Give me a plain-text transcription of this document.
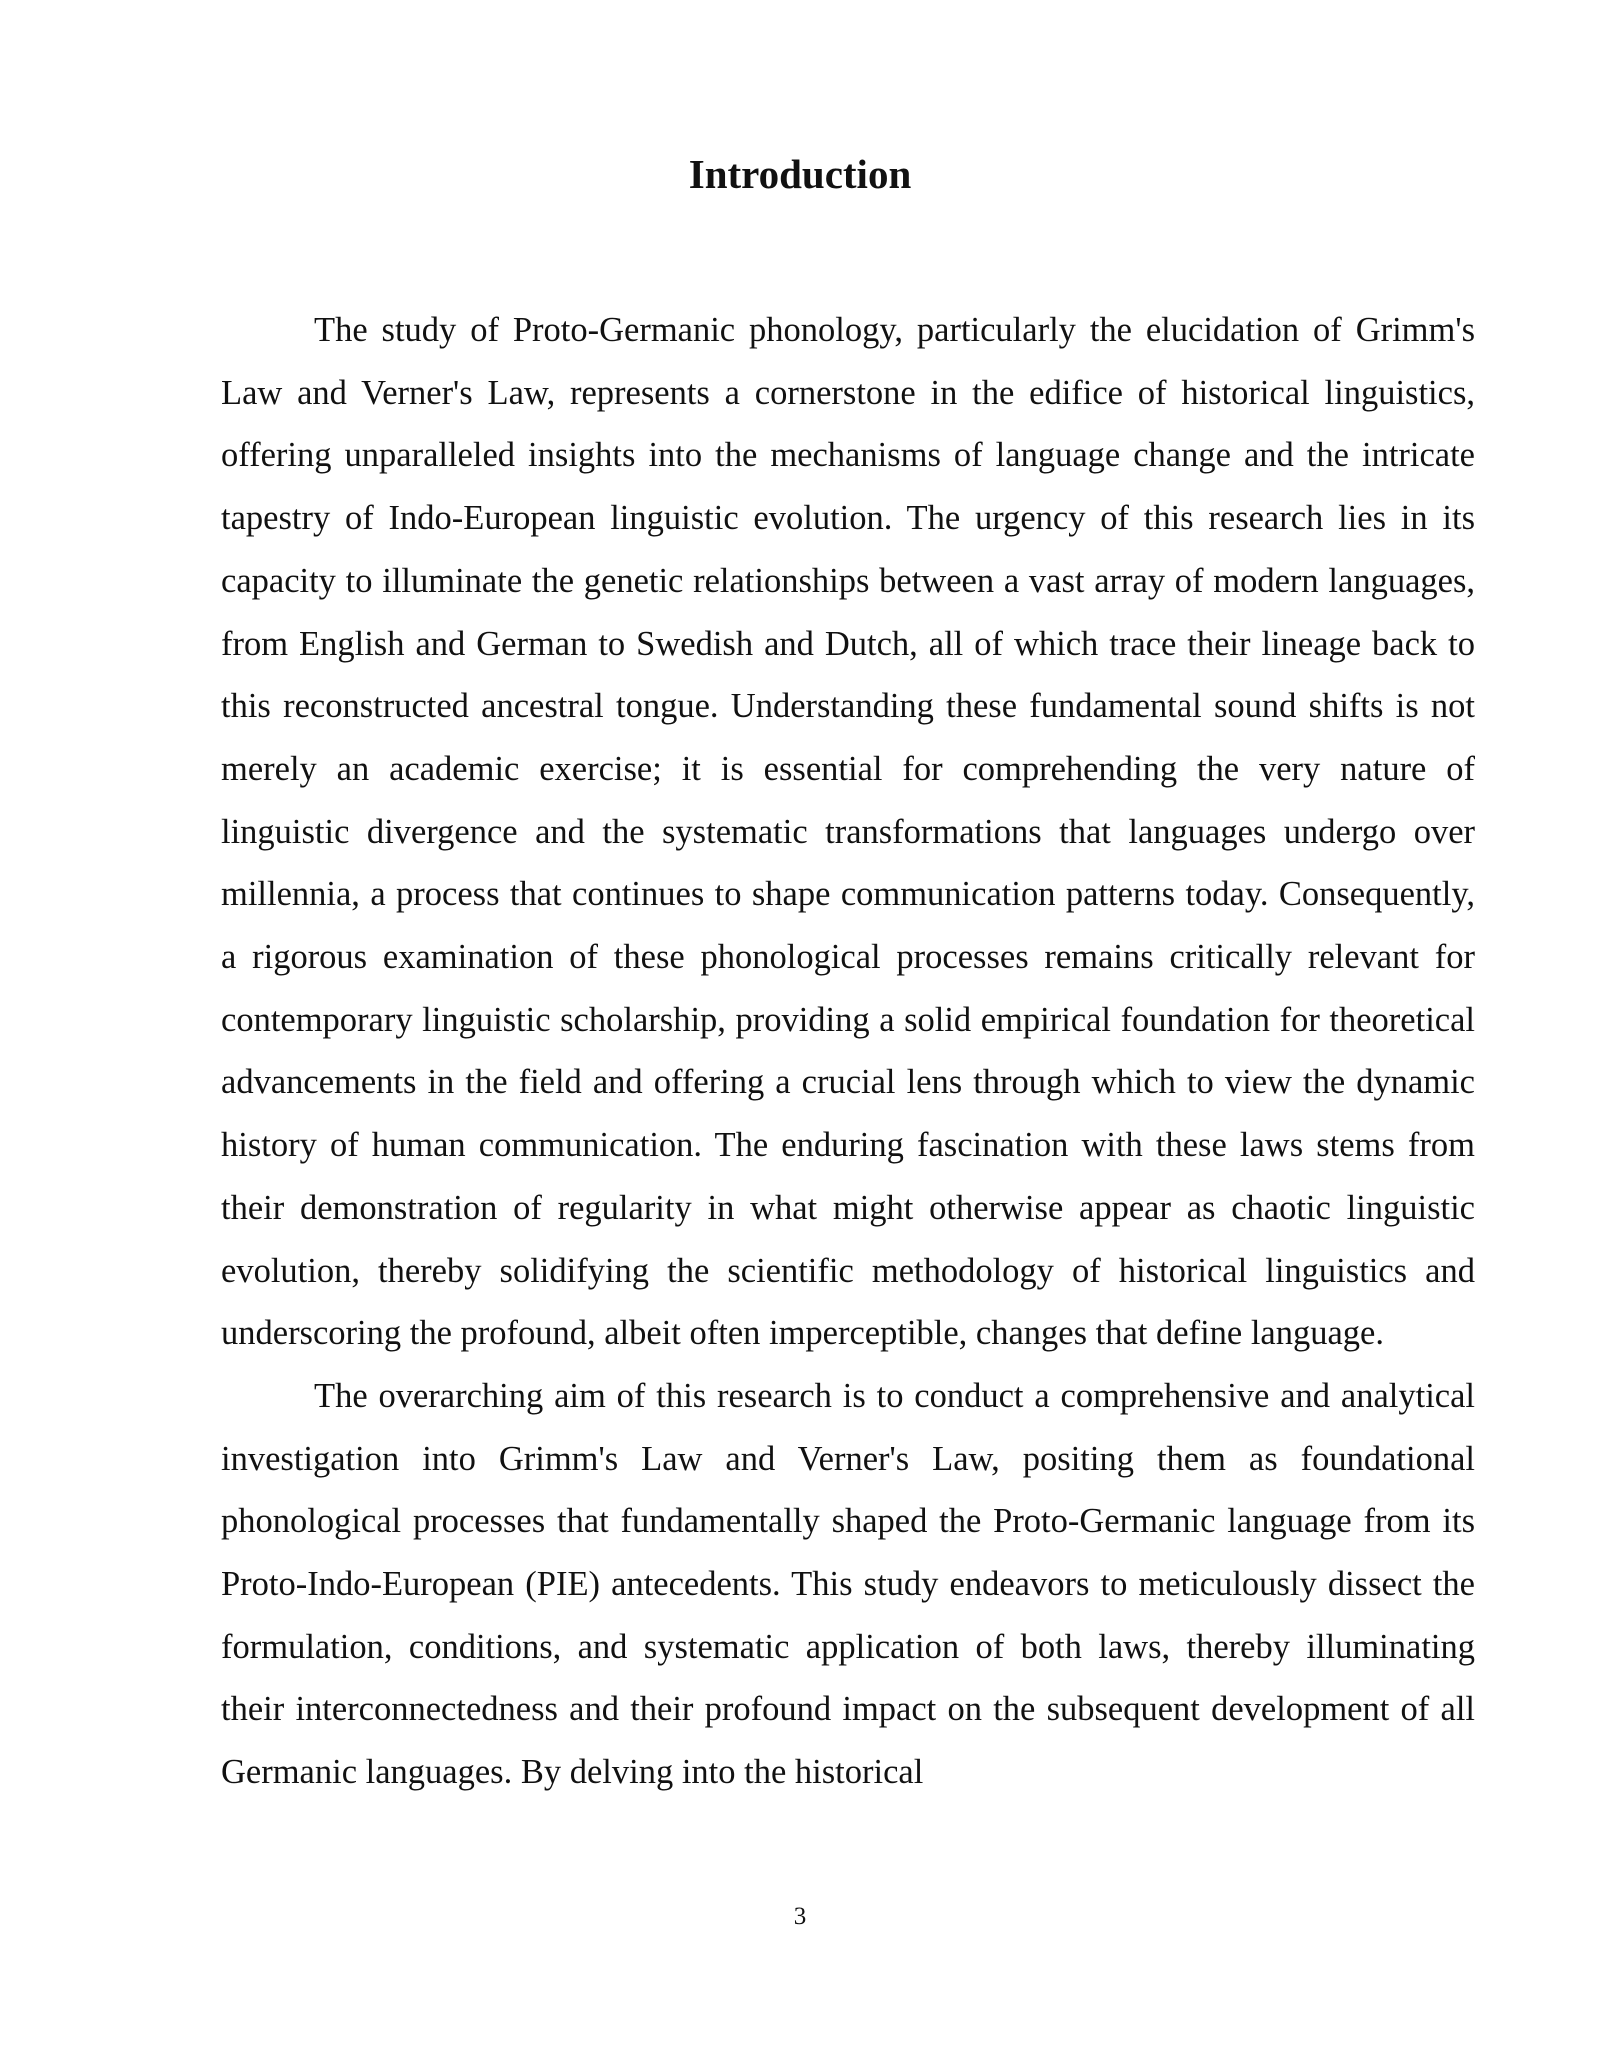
Introduction

The study of Proto-Germanic phonology, particularly the elucidation of Grimm's Law and Verner's Law, represents a cornerstone in the edifice of historical linguistics, offering unparalleled insights into the mechanisms of language change and the intricate tapestry of Indo-European linguistic evolution. The urgency of this research lies in its capacity to illuminate the genetic relationships between a vast array of modern languages, from English and German to Swedish and Dutch, all of which trace their lineage back to this reconstructed ancestral tongue. Understanding these fundamental sound shifts is not merely an academic exercise; it is essential for comprehending the very nature of linguistic divergence and the systematic transformations that languages undergo over millennia, a process that continues to shape communication patterns today. Consequently, a rigorous examination of these phonological processes remains critically relevant for contemporary linguistic scholarship, providing a solid empirical foundation for theoretical advancements in the field and offering a crucial lens through which to view the dynamic history of human communication. The enduring fascination with these laws stems from their demonstration of regularity in what might otherwise appear as chaotic linguistic evolution, thereby solidifying the scientific methodology of historical linguistics and underscoring the profound, albeit often imperceptible, changes that define language.

The overarching aim of this research is to conduct a comprehensive and analytical investigation into Grimm's Law and Verner's Law, positing them as foundational phonological processes that fundamentally shaped the Proto-Germanic language from its Proto-Indo-European (PIE) antecedents. This study endeavors to meticulously dissect the formulation, conditions, and systematic application of both laws, thereby illuminating their interconnectedness and their profound impact on the subsequent development of all Germanic languages. By delving into the historical

3
